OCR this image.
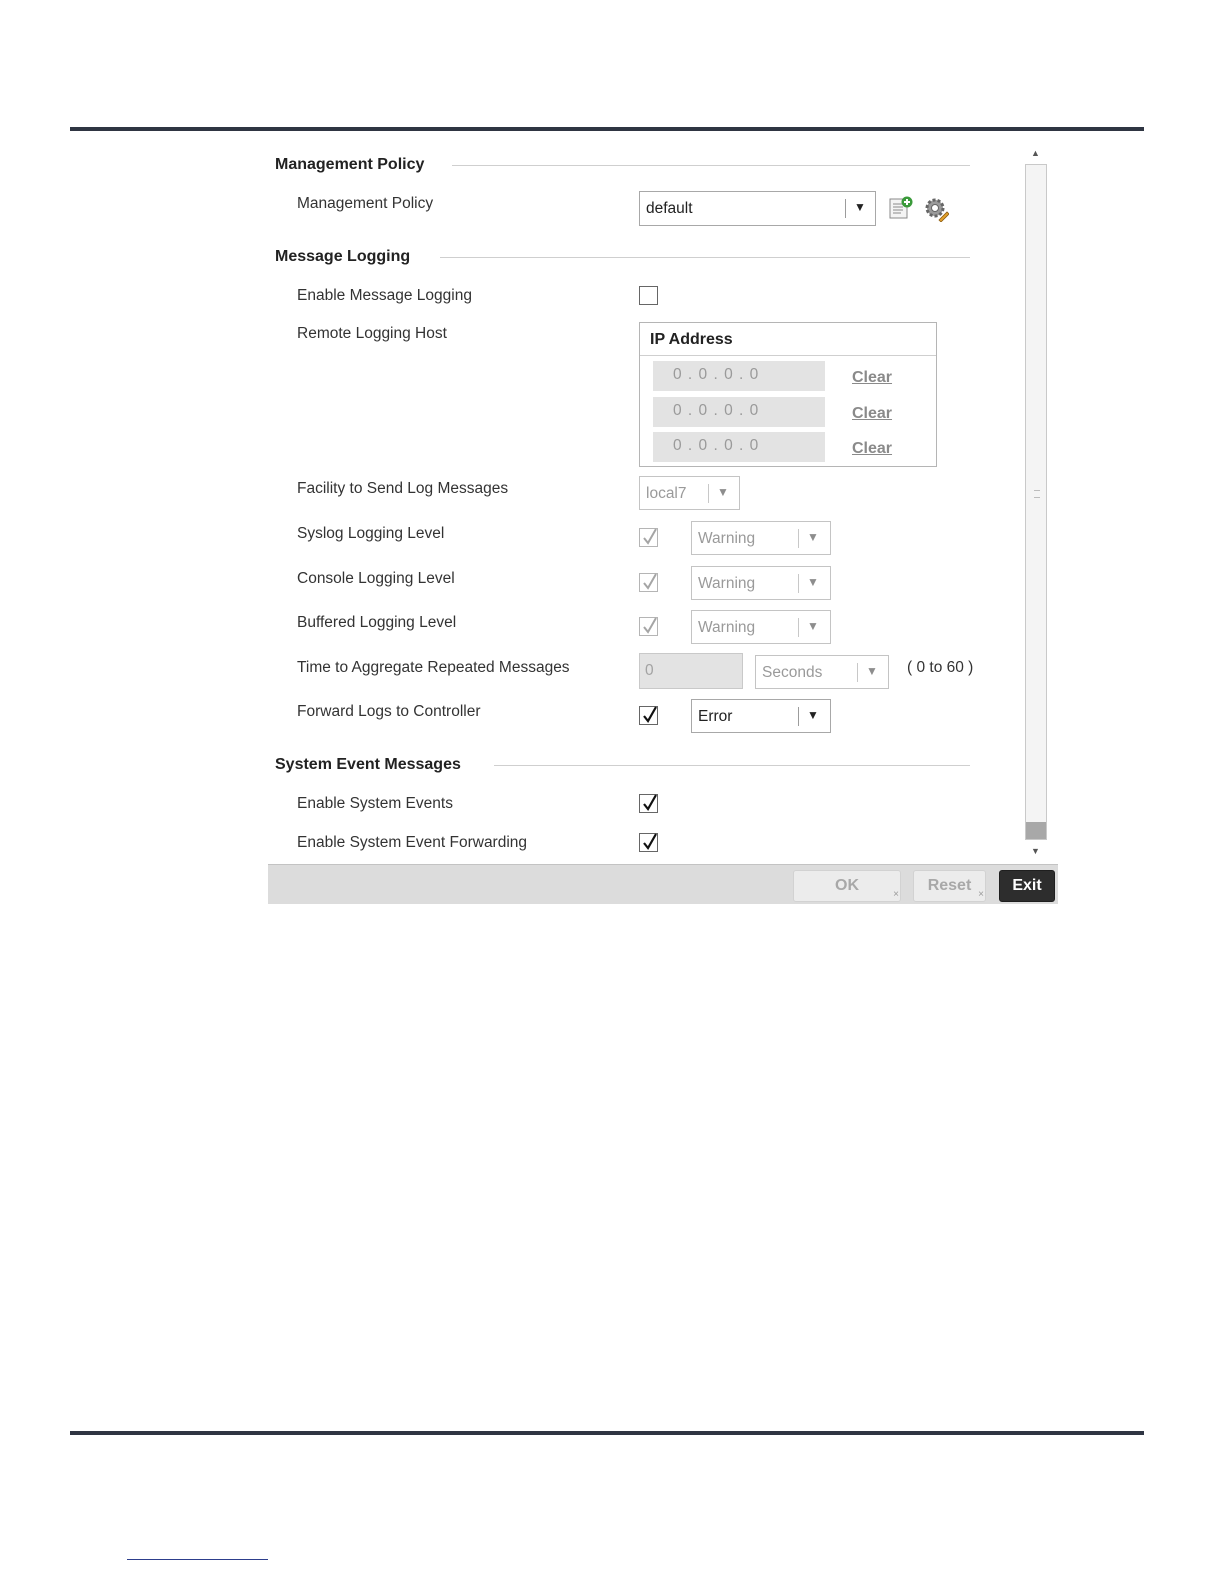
Management Policy
Management Policy	default	▼
Message Logging
Enable Message Logging
Remote Logging Host	IP Address
0 . 0 . 0 . 0	Clear
0 . 0 . 0 . 0	Clear
0 . 0 . 0 . 0	Clear
Facility to Send Log Messages	local7	▼
Syslog Logging Level	Warning	▼
Console Logging Level	Warning	▼
Buffered Logging Level	Warning	▼
Time to Aggregate Repeated Messages	0	Seconds	▼	( 0 to 60 )
Forward Logs to Controller	Error	▼
System Event Messages
Enable System Events
Enable System Event Forwarding
▲
▼
OK
×
Reset
×
Exit
